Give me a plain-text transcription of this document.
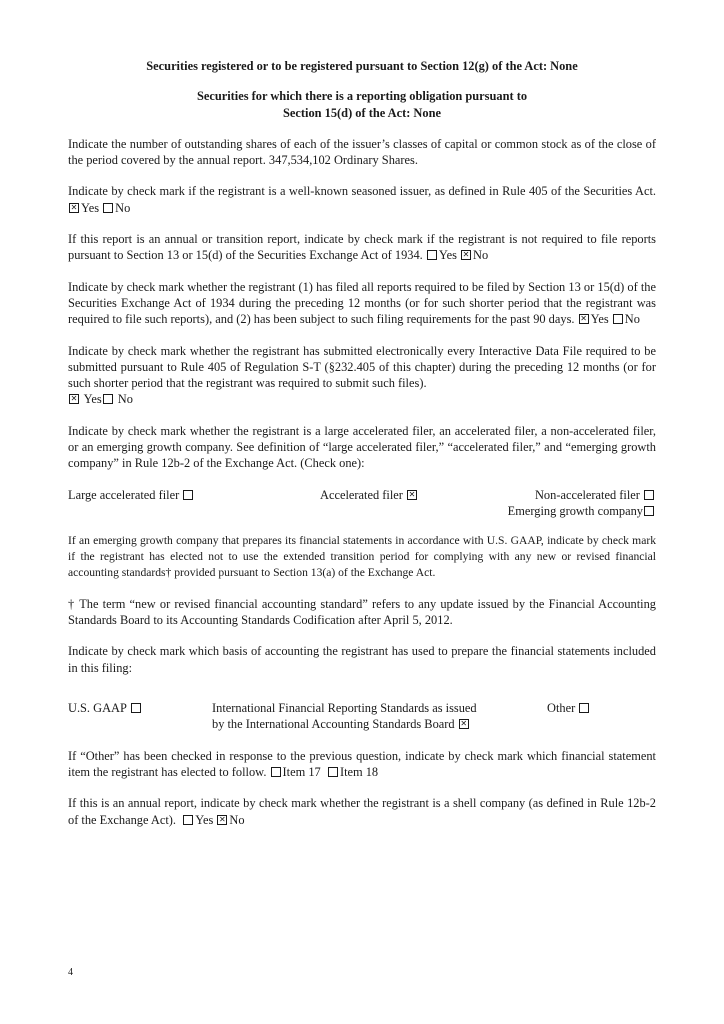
Securities registered or to be registered pursuant to Section 12(g) of the Act: None
Securities for which there is a reporting obligation pursuant to
Section 15(d) of the Act: None

Indicate the number of outstanding shares of each of the issuer’s classes of capital or common stock as of the close of the period covered by the annual report. 347,534,102 Ordinary Shares.

Indicate by check mark if the registrant is a well-known seasoned issuer, as defined in Rule 405 of the Securities Act. ✕Yes No

If this report is an annual or transition report, indicate by check mark if the registrant is not required to file reports pursuant to Section 13 or 15(d) of the Securities Exchange Act of 1934. Yes ✕ No

Indicate by check mark whether the registrant (1) has filed all reports required to be filed by Section 13 or 15(d) of the Securities Exchange Act of 1934 during the preceding 12 months (or for such shorter period that the registrant was required to file such reports), and (2) has been subject to such filing requirements for the past 90 days. ✕ Yes No

Indicate by check mark whether the registrant has submitted electronically every Interactive Data File required to be submitted pursuant to Rule 405 of Regulation S-T (§232.405 of this chapter) during the preceding 12 months (or for such shorter period that the registrant was required to submit such files).
✕ Yes No

Indicate by check mark whether the registrant is a large accelerated filer, an accelerated filer, a non-accelerated filer, or an emerging growth company. See definition of “large accelerated filer,” “accelerated filer,” and “emerging growth company” in Rule 12b-2 of the Exchange Act. (Check one):

Large accelerated filer	Accelerated filer ✕	Non-accelerated filer
Emerging growth company

If an emerging growth company that prepares its financial statements in accordance with U.S. GAAP, indicate by check mark if the registrant has elected not to use the extended transition period for complying with any new or revised financial accounting standards† provided pursuant to Section 13(a) of the Exchange Act.

† The term “new or revised financial accounting standard” refers to any update issued by the Financial Accounting Standards Board to its Accounting Standards Codification after April 5, 2012.

Indicate by check mark which basis of accounting the registrant has used to prepare the financial statements included in this filing:

U.S. GAAP	International Financial Reporting Standards as issued
by the International Accounting Standards Board ✕
Other

If “Other” has been checked in response to the previous question, indicate by check mark which financial statement item the registrant has elected to follow. Item 17 Item 18

If this is an annual report, indicate by check mark whether the registrant is a shell company (as defined in Rule 12b-2 of the Exchange Act). Yes ✕ No

4
